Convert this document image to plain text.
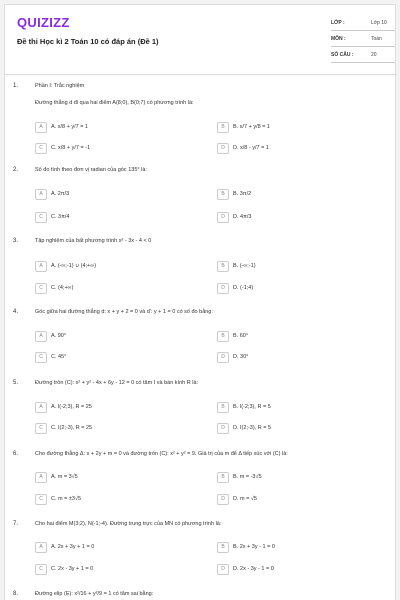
QUIZIZZ
Đề thi Học kì 2 Toán 10 có đáp án (Đề 1)
LỚP :	Lớp 10
MÔN :	Toán
SỐ CÂU :	20
1.	Phần I: Trắc nghiệm
Đường thẳng d đi qua hai điểm A(8;0), B(0;7) có phương trình là:
A	A. x/8 + y/7 = 1	B	B. x/7 + y/8 = 1
C	C. x/8 + y/7 = -1	D	D. x/8 - y/7 = 1
2.	Số đo tính theo đơn vị radian của góc 135° là:
A	A. 2π/3	B	B. 3π/2
C	C. 3π/4	D	D. 4π/3
3.	Tập nghiệm của bất phương trình x² - 3x - 4 < 0
A	A. (-∞;-1) ∪ (4;+∞)	B	B. (-∞;-1)
C	C. (4;+∞)	D	D. (-1;4)
4.	Góc giữa hai đường thẳng d: x + y + 2 = 0 và d': y + 1 = 0 có số đo bằng:
A	A. 90°	B	B. 60°
C	C. 45°	D	D. 30°
5.	Đường tròn (C): x² + y² - 4x + 6y - 12 = 0 có tâm I và bán kính R là:
A	A. I(-2;3), R = 25	B	B. I(-2;3), R = 5
C	C. I(2;-3), R = 25	D	D. I(2;-3), R = 5
6.	Cho đường thẳng Δ: x + 2y + m = 0 và đường tròn (C): x² + y² = 9. Giá trị của m để Δ tiếp xúc với (C) là:
A	A. m = 3√5	B	B. m = -3√5
C	C. m = ±3√5	D	D. m = √5
7.	Cho hai điểm M(3;2), N(-1;-4). Đường trung trực của MN có phương trình là:
A	A. 2x + 3y + 1 = 0	B	B. 2x + 3y - 1 = 0
C	C. 2x - 3y + 1 = 0	D	D. 2x - 3y - 1 = 0
8.	Đường elip (E): x²/16 + y²/9 = 1 có tâm sai bằng:
